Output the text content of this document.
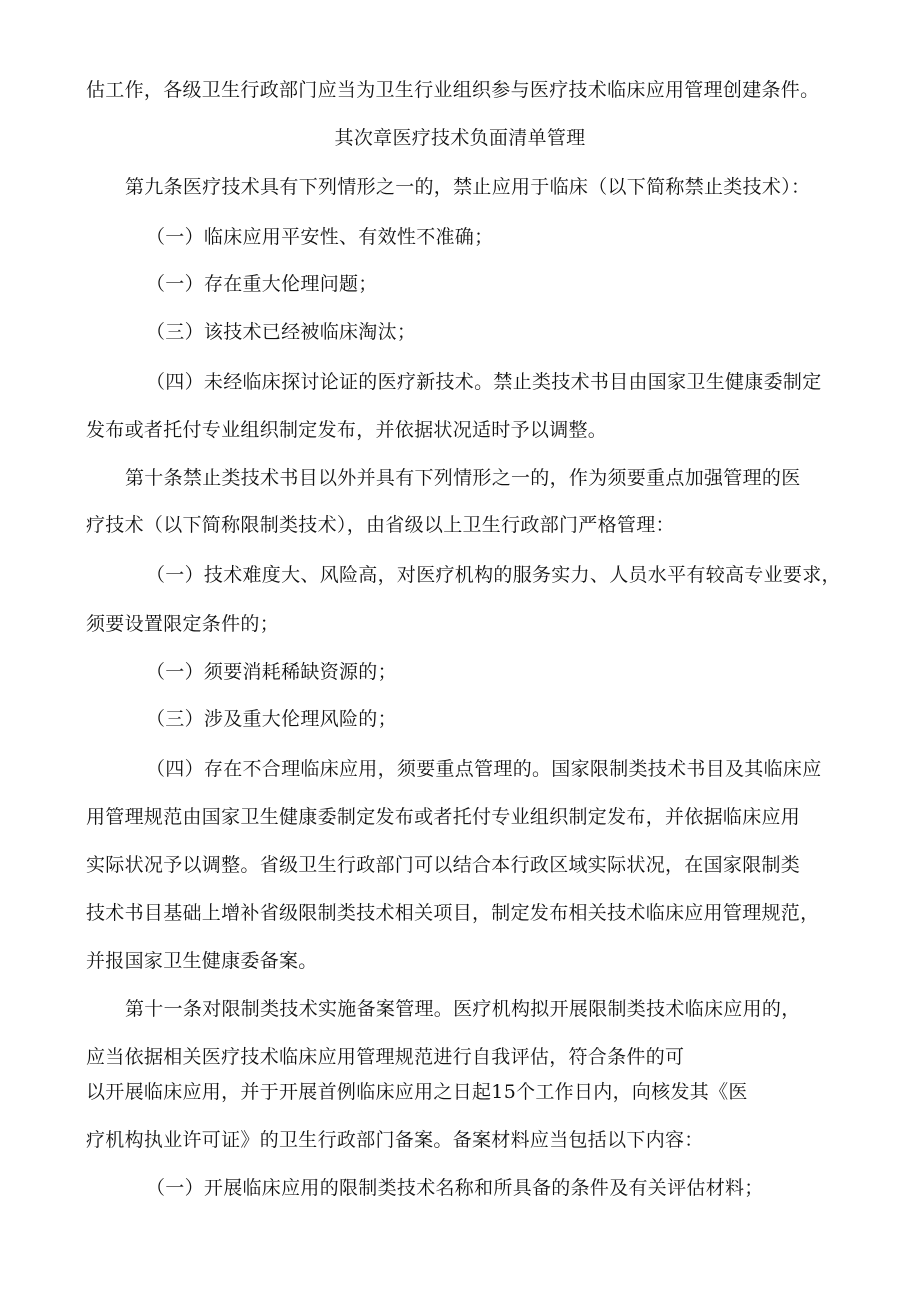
估工作，各级卫生行政部门应当为卫生行业组织参与医疗技术临床应用管理创建条件。
其次章医疗技术负面清单管理
第九条医疗技术具有下列情形之一的，禁止应用于临床（以下简称禁止类技术）：
（一）临床应用平安性、有效性不准确；
（一）存在重大伦理问题；
（三）该技术已经被临床淘汰；
（四）未经临床探讨论证的医疗新技术。禁止类技术书目由国家卫生健康委制定
发布或者托付专业组织制定发布，并依据状况适时予以调整。
第十条禁止类技术书目以外并具有下列情形之一的，作为须要重点加强管理的医
疗技术（以下简称限制类技术），由省级以上卫生行政部门严格管理：
（一）技术难度大、风险高，对医疗机构的服务实力、人员水平有较高专业要求，
须要设置限定条件的；
（一）须要消耗稀缺资源的；
（三）涉及重大伦理风险的；
（四）存在不合理临床应用，须要重点管理的。国家限制类技术书目及其临床应
用管理规范由国家卫生健康委制定发布或者托付专业组织制定发布，并依据临床应用
实际状况予以调整。省级卫生行政部门可以结合本行政区域实际状况，在国家限制类
技术书目基础上增补省级限制类技术相关项目，制定发布相关技术临床应用管理规范，
并报国家卫生健康委备案。
第十一条对限制类技术实施备案管理。医疗机构拟开展限制类技术临床应用的，
应当依据相关医疗技术临床应用管理规范进行自我评估，符合条件的可
以开展临床应用，并于开展首例临床应用之日起15个工作日内，向核发其《医
疗机构执业许可证》的卫生行政部门备案。备案材料应当包括以下内容：
（一）开展临床应用的限制类技术名称和所具备的条件及有关评估材料；
